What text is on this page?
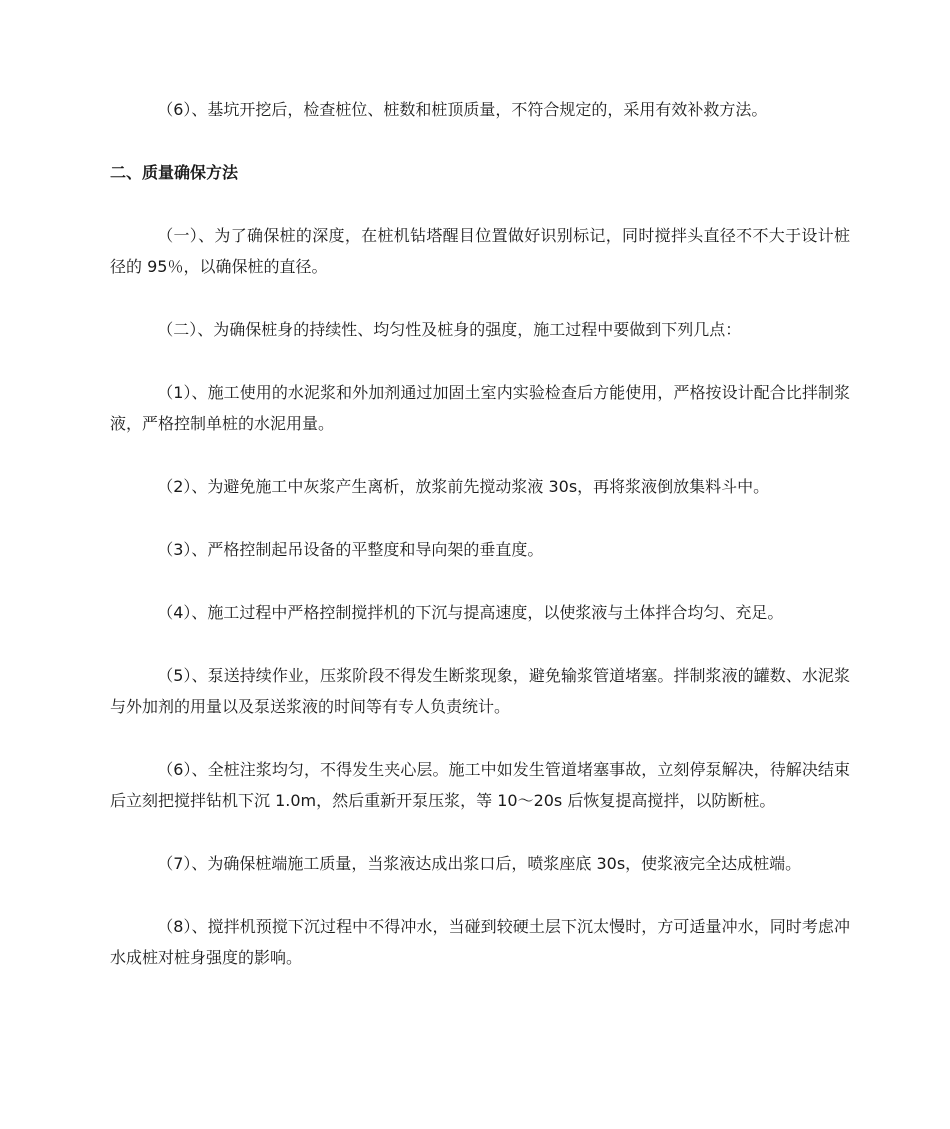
（6）、基坑开挖后，检查桩位、桩数和桩顶质量，不符合规定的，采用有效补救方法。

二、质量确保方法

（一）、为了确保桩的深度，在桩机钻塔醒目位置做好识别标记，同时搅拌头直径不不大于设计桩径的 95％，以确保桩的直径。

（二）、为确保桩身的持续性、均匀性及桩身的强度，施工过程中要做到下列几点：

（1）、施工使用的水泥浆和外加剂通过加固土室内实验检查后方能使用，严格按设计配合比拌制浆液，严格控制单桩的水泥用量。

（2）、为避免施工中灰浆产生离析，放浆前先搅动浆液 30s，再将浆液倒放集料斗中。

（3）、严格控制起吊设备的平整度和导向架的垂直度。

（4）、施工过程中严格控制搅拌机的下沉与提高速度，以使浆液与土体拌合均匀、充足。

（5）、泵送持续作业，压浆阶段不得发生断浆现象，避免输浆管道堵塞。拌制浆液的罐数、水泥浆与外加剂的用量以及泵送浆液的时间等有专人负责统计。

（6）、全桩注浆均匀，不得发生夹心层。施工中如发生管道堵塞事故，立刻停泵解决，待解决结束后立刻把搅拌钻机下沉 1.0m，然后重新开泵压浆，等 10～20s 后恢复提高搅拌，以防断桩。

（7）、为确保桩端施工质量，当浆液达成出浆口后，喷浆座底 30s，使浆液完全达成桩端。

（8）、搅拌机预搅下沉过程中不得冲水，当碰到较硬土层下沉太慢时，方可适量冲水，同时考虑冲水成桩对桩身强度的影响。
